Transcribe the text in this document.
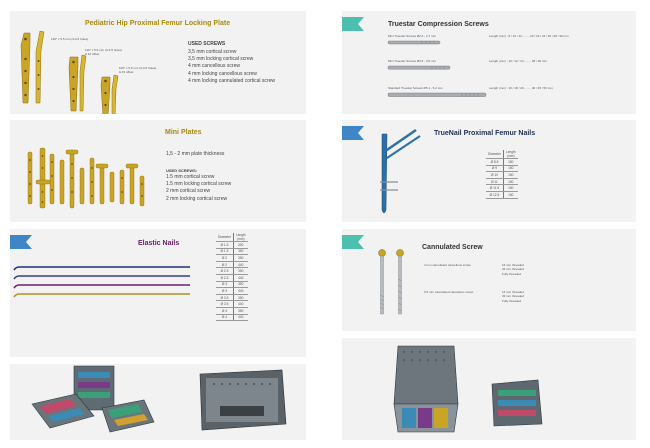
Pediatric Hip Proximal Femur Locking Plate
130° x 5.5 mm (3-4-5 holes)
110° x 5.5 mm (3-4-5 holes)
& 10 offset
100° x 5.5 mm (3-4-5 holes)
& 15 offset
USED SCREWS
3,5 mm cortical screw
3,5 mm locking cortical screw
4 mm cancellous screw
4 mm locking cancellous screw
4 mm locking cannulated cortical screw
Mini Plates
1,5 - 2 mm plate thickness
USED SCREWS:
1.5 mm cortical screw
1.5 mm locking cortical screw
2 mm cortical screw
2 mm locking cortical screw
Elastic Nails
Diameter	Length
(mm)
Ø 1.5	300
Ø 1.5	350
Ø 2	350
Ø 2	440
Ø 2.5	350
Ø 2.5	440
Ø 3	350
Ø 3	440
Ø 3.5	350
Ø 3.5	440
Ø 4	350
Ø 4	440
Truestar Compression Screws
Mini Truestar Screws Ø2,4 - 2,7 mm	Length (mm) : 8 / 10 / 12......... 20 / 22 / 24 / 26 / 28 / 30 mm
Mini Truestar Screws Ø3,5 - 3,5 mm	Length (mm) : 10 / 12 / 14......... 28 / 30 mm
Standard Truestar Screws Ø5,1 - 5,2 mm	Length (mm) : 16 / 18 / 20......... 40 / 45 / 50 mm
TrueNail Proximal Femur Nails
Diameter	Length
(mm)
Ø 8.5	150
Ø 9	150
Ø 10	150
Ø 11	150
Ø 11.5	150
Ø 12.5	150
Cannulated Screw
4 mm cannulated cancellous screw	16 mm threaded
32 mm threaded
Fully threaded
6.5 mm cannulated cancellous screw	16 mm threaded
32 mm threaded
Fully threaded
